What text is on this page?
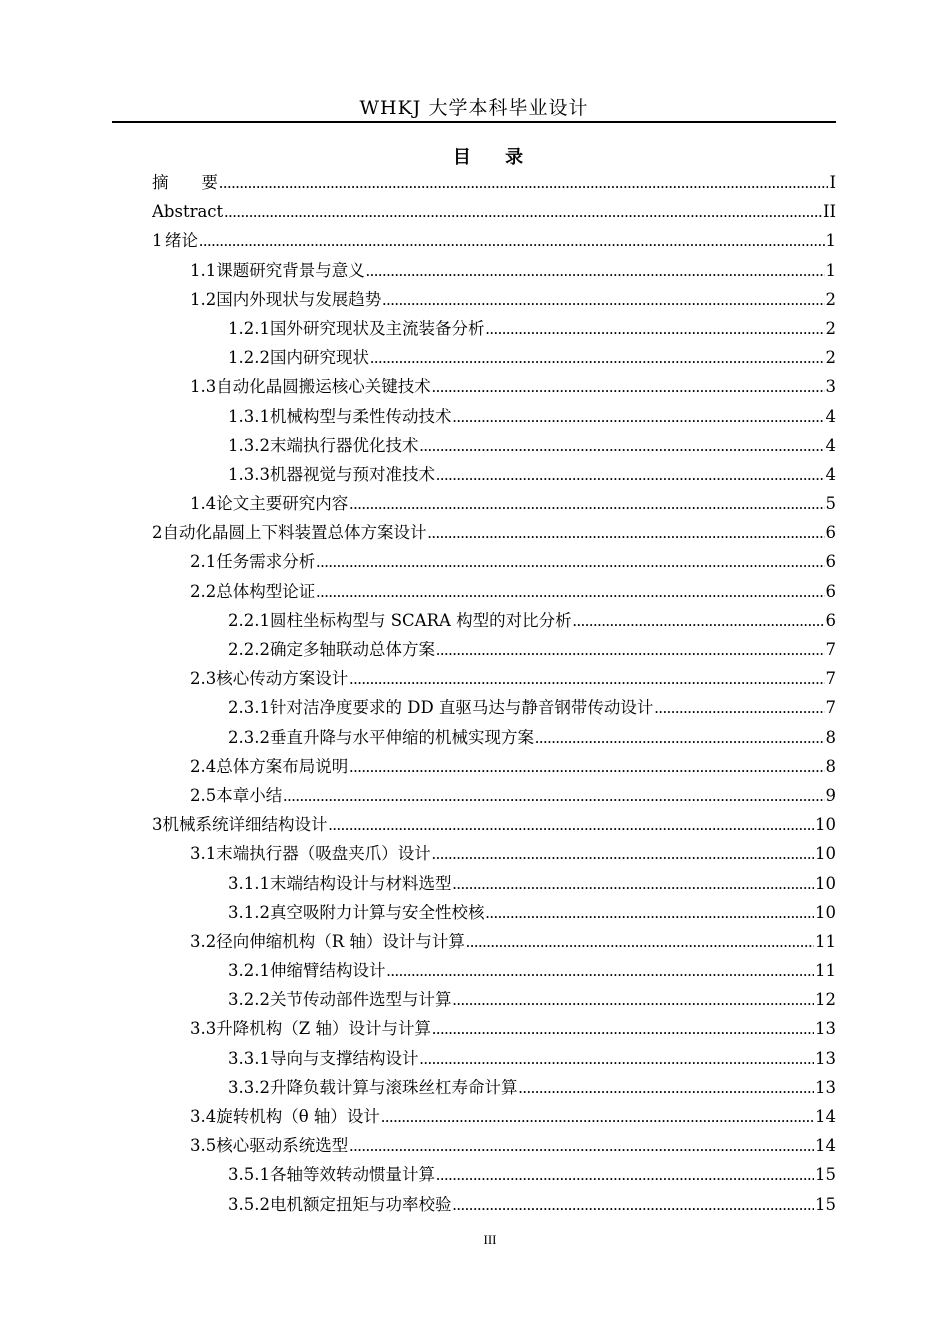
WHKJ 大学本科毕业设计
目 录
摘　　要 .....	I
Abstract .....	II
1 绪论 .....	1
1.1 课题研究背景与意义 .....	1
1.2 国内外现状与发展趋势 .....	2
1.2.1 国外研究现状及主流装备分析 .....	2
1.2.2 国内研究现状 .....	2
1.3 自动化晶圆搬运核心关键技术 .....	3
1.3.1 机械构型与柔性传动技术 .....	4
1.3.2 末端执行器优化技术 .....	4
1.3.3 机器视觉与预对准技术 .....	4
1.4 论文主要研究内容 .....	5
2 自动化晶圆上下料装置总体方案设计 .....	6
2.1 任务需求分析 .....	6
2.2 总体构型论证 .....	6
2.2.1 圆柱坐标构型与 SCARA 构型的对比分析 .....	6
2.2.2 确定多轴联动总体方案 .....	7
2.3 核心传动方案设计 .....	7
2.3.1 针对洁净度要求的 DD 直驱马达与静音钢带传动设计 .....	7
2.3.2 垂直升降与水平伸缩的机械实现方案 .....	8
2.4 总体方案布局说明 .....	8
2.5 本章小结 .....	9
3 机械系统详细结构设计 .....	10
3.1 末端执行器（吸盘夹爪）设计 .....	10
3.1.1 末端结构设计与材料选型 .....	10
3.1.2 真空吸附力计算与安全性校核 .....	10
3.2 径向伸缩机构（R 轴）设计与计算 .....	11
3.2.1 伸缩臂结构设计 .....	11
3.2.2 关节传动部件选型与计算 .....	12
3.3 升降机构（Z 轴）设计与计算 .....	13
3.3.1 导向与支撑结构设计 .....	13
3.3.2 升降负载计算与滚珠丝杠寿命计算 .....	13
3.4 旋转机构（θ 轴）设计 .....	14
3.5 核心驱动系统选型 .....	14
3.5.1 各轴等效转动惯量计算 .....	15
3.5.2 电机额定扭矩与功率校验 .....	15
III
